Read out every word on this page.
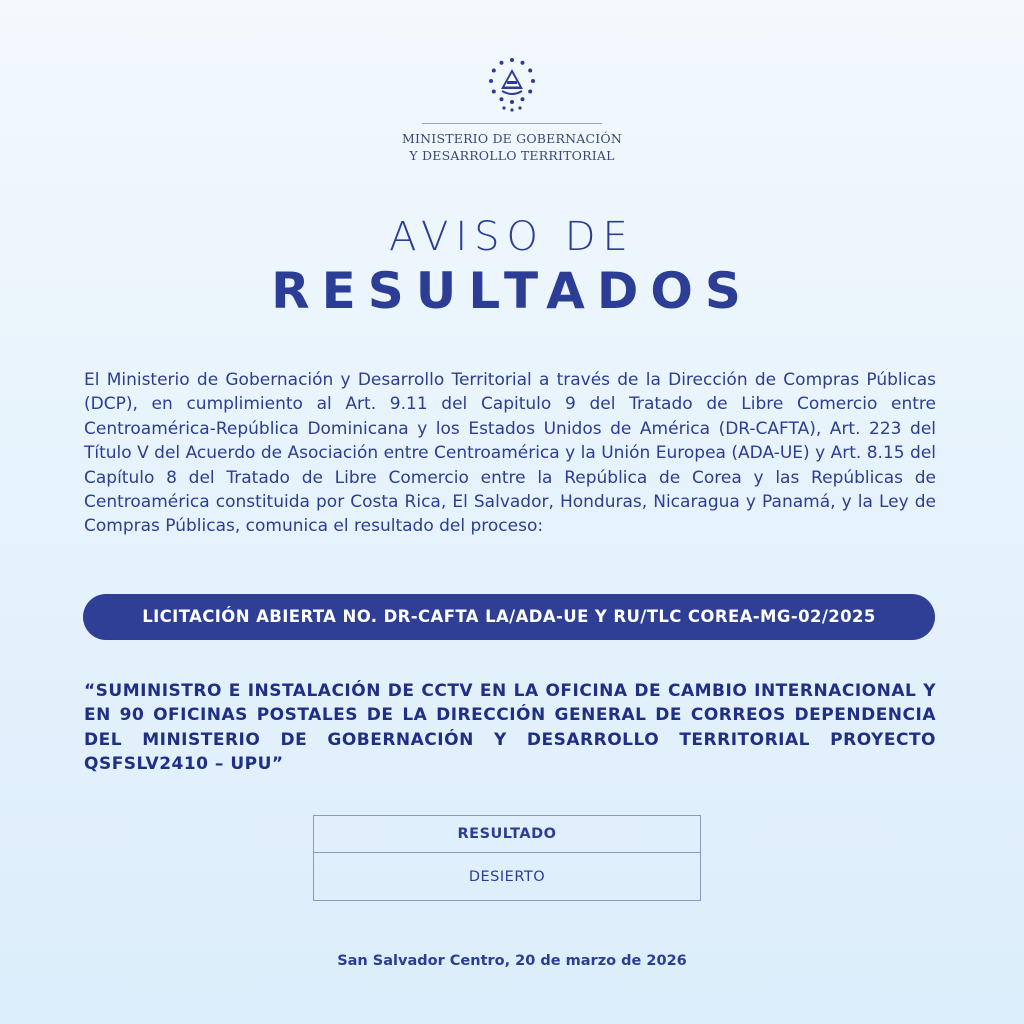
MINISTERIO DE GOBERNACIÓN
Y DESARROLLO TERRITORIAL
AVISO DE
RESULTADOS
El Ministerio de Gobernación y Desarrollo Territorial a través de la Dirección de Compras Públicas (DCP), en cumplimiento al Art. 9.11 del Capitulo 9 del Tratado de Libre Comercio entre Centroamérica-República Dominicana y los Estados Unidos de América (DR-CAFTA), Art. 223 del Título V del Acuerdo de Asociación entre Centroamérica y la Unión Europea (ADA-UE) y Art. 8.15 del Capítulo 8 del Tratado de Libre Comercio entre la República de Corea y las Repúblicas de Centroamérica constituida por Costa Rica, El Salvador, Honduras, Nicaragua y Panamá, y la Ley de Compras Públicas, comunica el resultado del proceso:
LICITACIÓN ABIERTA NO. DR-CAFTA LA/ADA-UE Y RU/TLC COREA-MG-02/2025
“SUMINISTRO E INSTALACIÓN DE CCTV EN LA OFICINA DE CAMBIO INTERNACIONAL Y EN 90 OFICINAS POSTALES DE LA DIRECCIÓN GENERAL DE CORREOS DEPENDENCIA DEL MINISTERIO DE GOBERNACIÓN Y DESARROLLO TERRITORIAL PROYECTO QSFSLV2410 – UPU”
RESULTADO
DESIERTO
San Salvador Centro, 20 de marzo de 2026
